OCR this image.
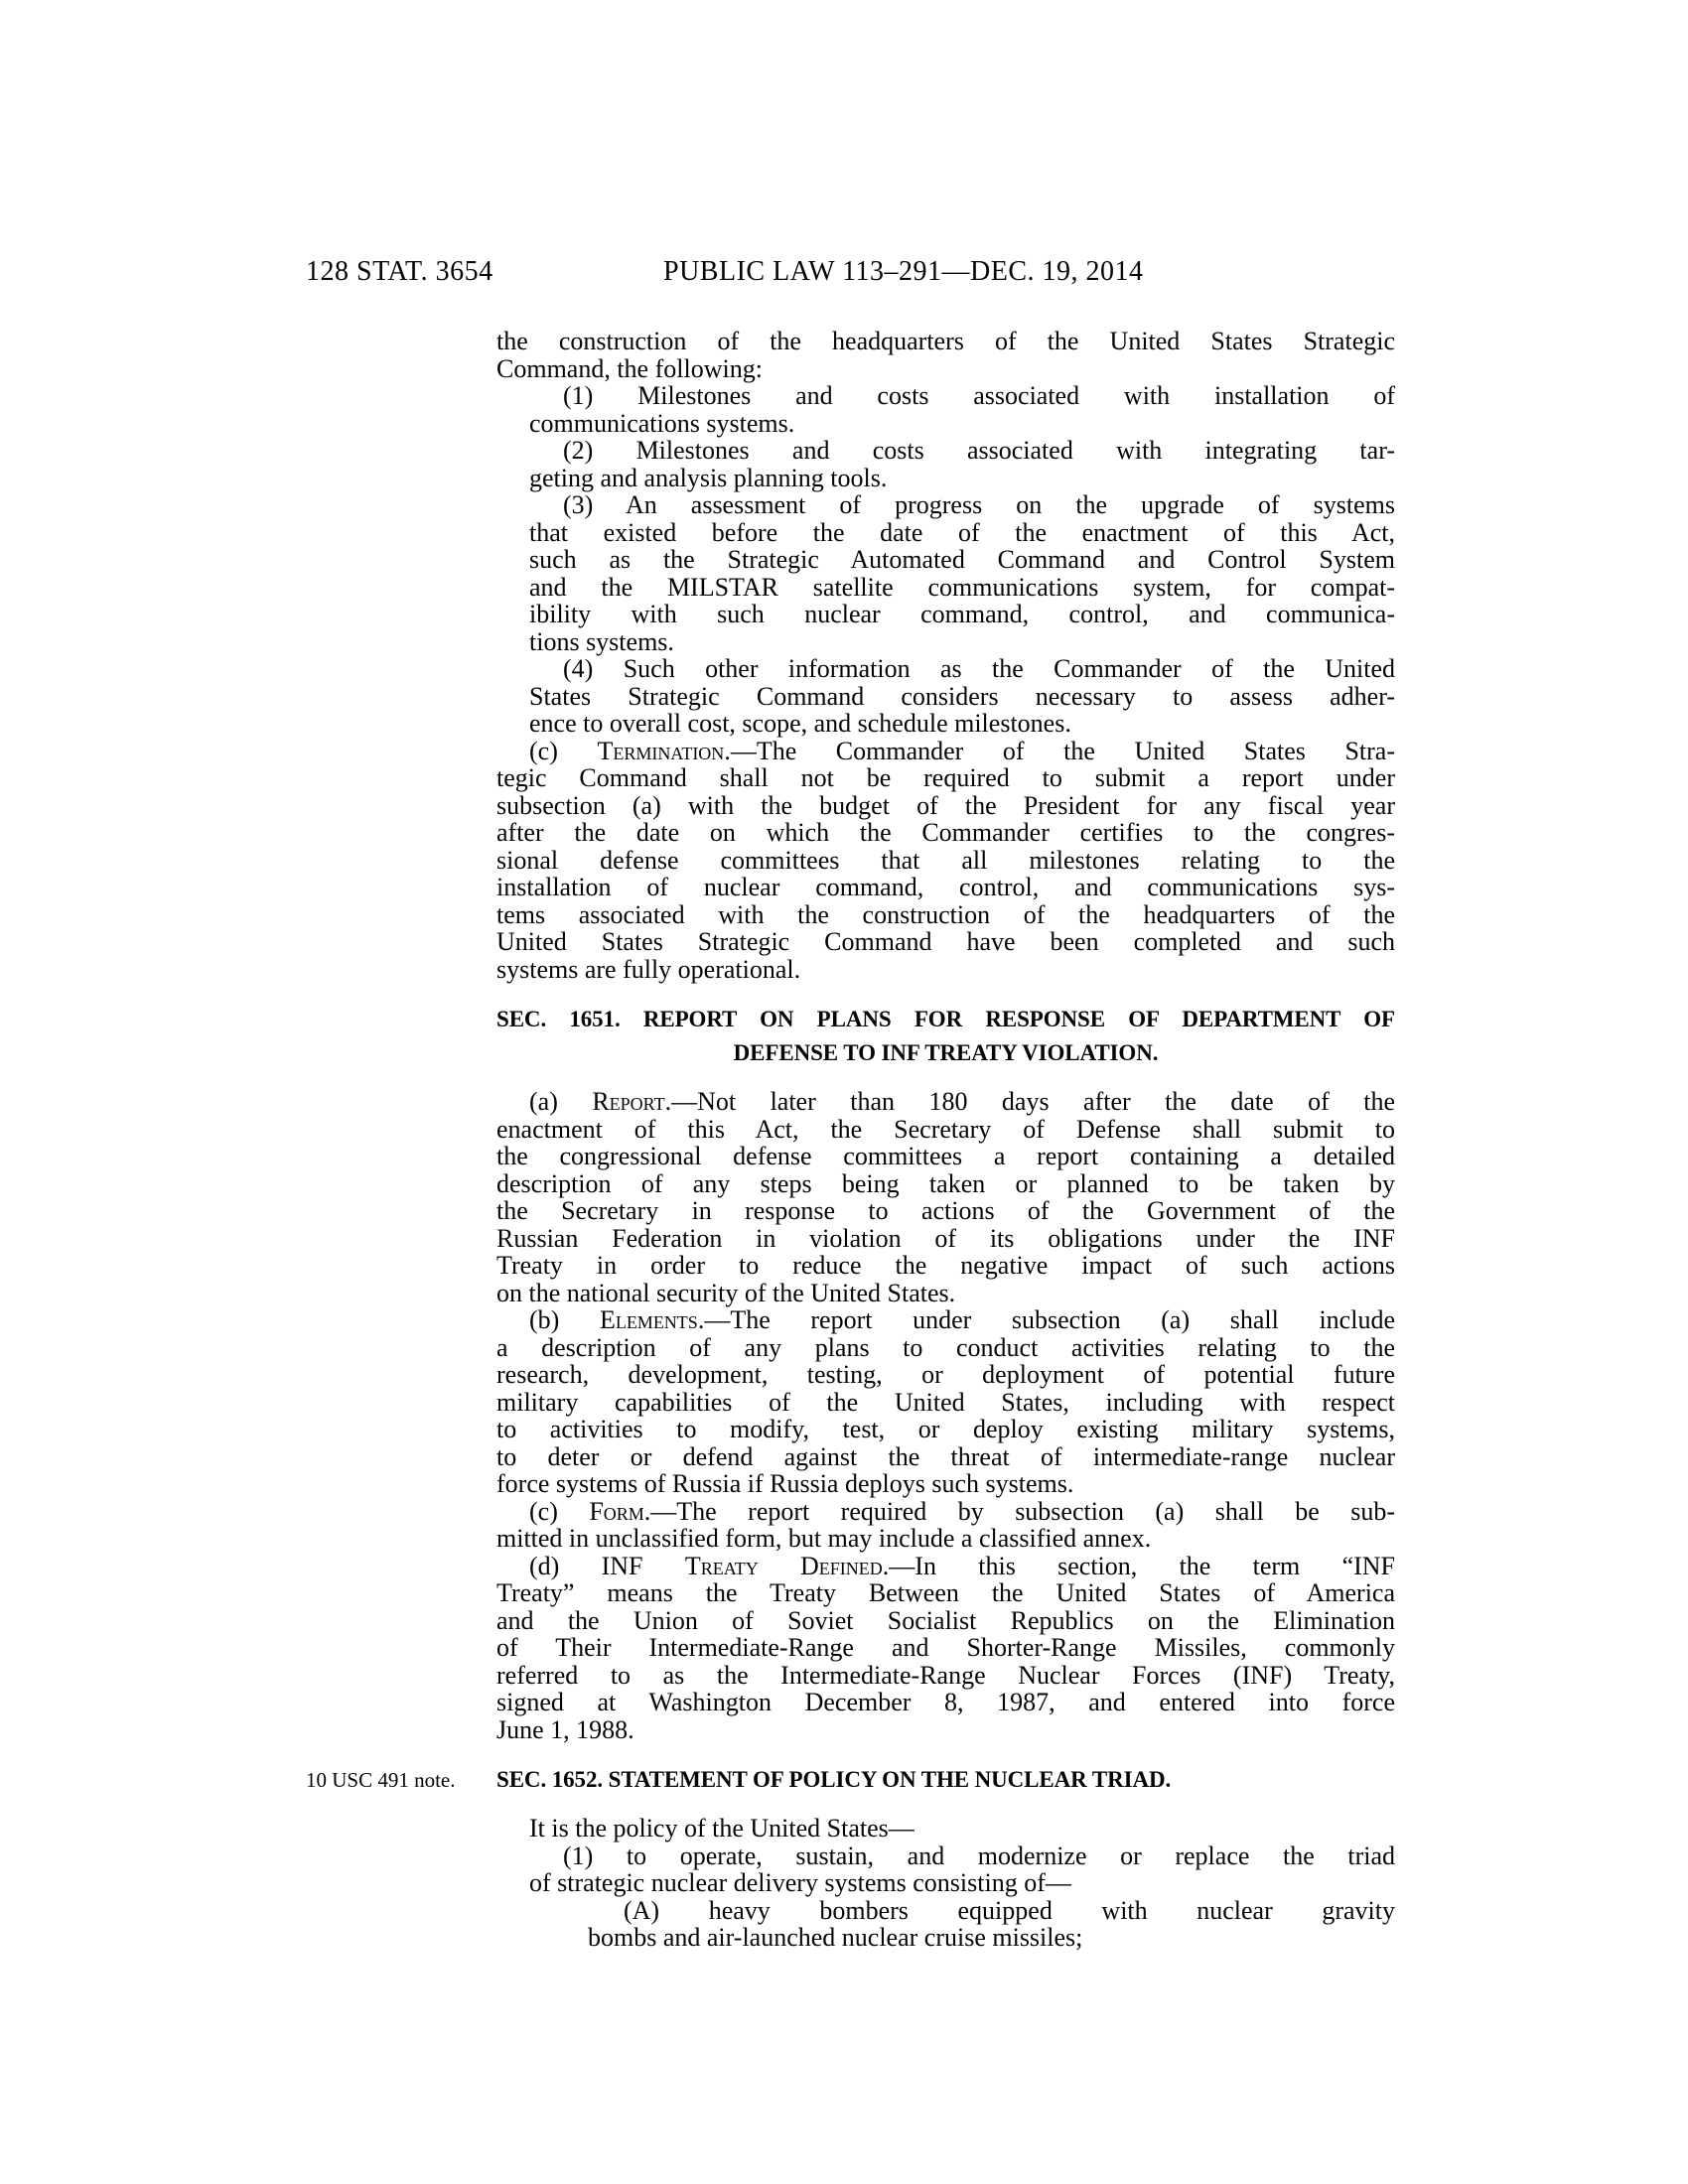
128 STAT. 3654	PUBLIC LAW 113–291—DEC. 19, 2014
the construction of the headquarters of the United States Strategic
Command, the following:
(1) Milestones and costs associated with installation of
communications systems.
(2) Milestones and costs associated with integrating tar-
geting and analysis planning tools.
(3) An assessment of progress on the upgrade of systems
that existed before the date of the enactment of this Act,
such as the Strategic Automated Command and Control System
and the MILSTAR satellite communications system, for compat-
ibility with such nuclear command, control, and communica-
tions systems.
(4) Such other information as the Commander of the United
States Strategic Command considers necessary to assess adher-
ence to overall cost, scope, and schedule milestones.
(c) Termination.—The Commander of the United States Stra-
tegic Command shall not be required to submit a report under
subsection (a) with the budget of the President for any fiscal year
after the date on which the Commander certifies to the congres-
sional defense committees that all milestones relating to the
installation of nuclear command, control, and communications sys-
tems associated with the construction of the headquarters of the
United States Strategic Command have been completed and such
systems are fully operational.
SEC. 1651. REPORT ON PLANS FOR RESPONSE OF DEPARTMENT OF
DEFENSE TO INF TREATY VIOLATION.
(a) Report.—Not later than 180 days after the date of the
enactment of this Act, the Secretary of Defense shall submit to
the congressional defense committees a report containing a detailed
description of any steps being taken or planned to be taken by
the Secretary in response to actions of the Government of the
Russian Federation in violation of its obligations under the INF
Treaty in order to reduce the negative impact of such actions
on the national security of the United States.
(b) Elements.—The report under subsection (a) shall include
a description of any plans to conduct activities relating to the
research, development, testing, or deployment of potential future
military capabilities of the United States, including with respect
to activities to modify, test, or deploy existing military systems,
to deter or defend against the threat of intermediate-range nuclear
force systems of Russia if Russia deploys such systems.
(c) Form.—The report required by subsection (a) shall be sub-
mitted in unclassified form, but may include a classified annex.
(d) INF Treaty Defined.—In this section, the term “INF
Treaty” means the Treaty Between the United States of America
and the Union of Soviet Socialist Republics on the Elimination
of Their Intermediate-Range and Shorter-Range Missiles, commonly
referred to as the Intermediate-Range Nuclear Forces (INF) Treaty,
signed at Washington December 8, 1987, and entered into force
June 1, 1988.
SEC. 1652. STATEMENT OF POLICY ON THE NUCLEAR TRIAD.
10 USC 491 note.
It is the policy of the United States—
(1) to operate, sustain, and modernize or replace the triad
of strategic nuclear delivery systems consisting of—
(A) heavy bombers equipped with nuclear gravity
bombs and air-launched nuclear cruise missiles;
